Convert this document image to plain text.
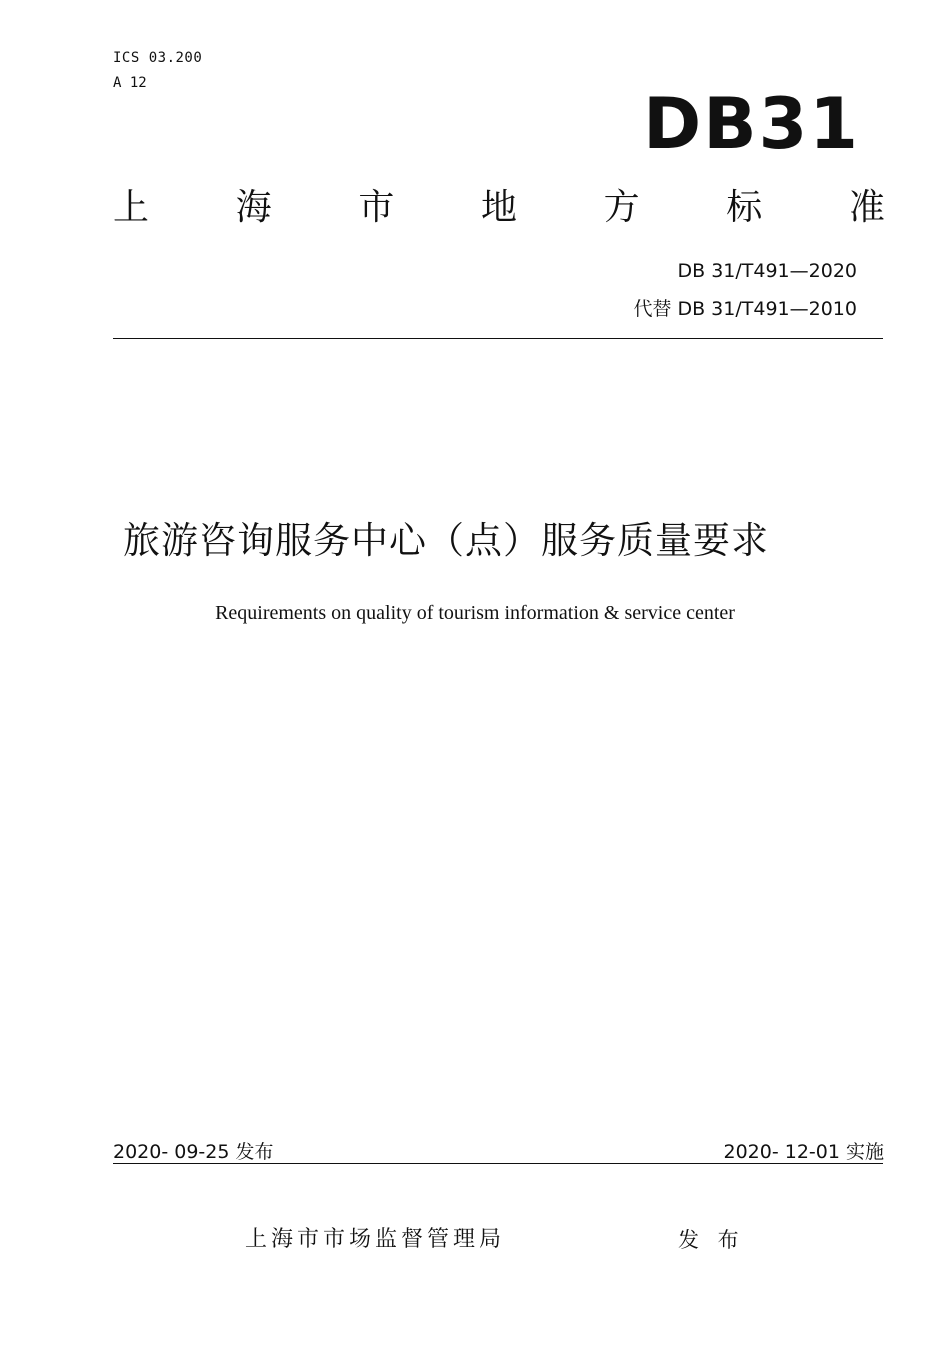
ICS 03.200
A 12	DB31
上 海 市 地 方 标 准
DB 31/T491—2020
代替 DB 31/T491—2010
旅游咨询服务中心（点）服务质量要求
Requirements on quality of tourism information & service center
2020- 09-25 发布	2020- 12-01 实施
上海市市场监督管理局	发 布
